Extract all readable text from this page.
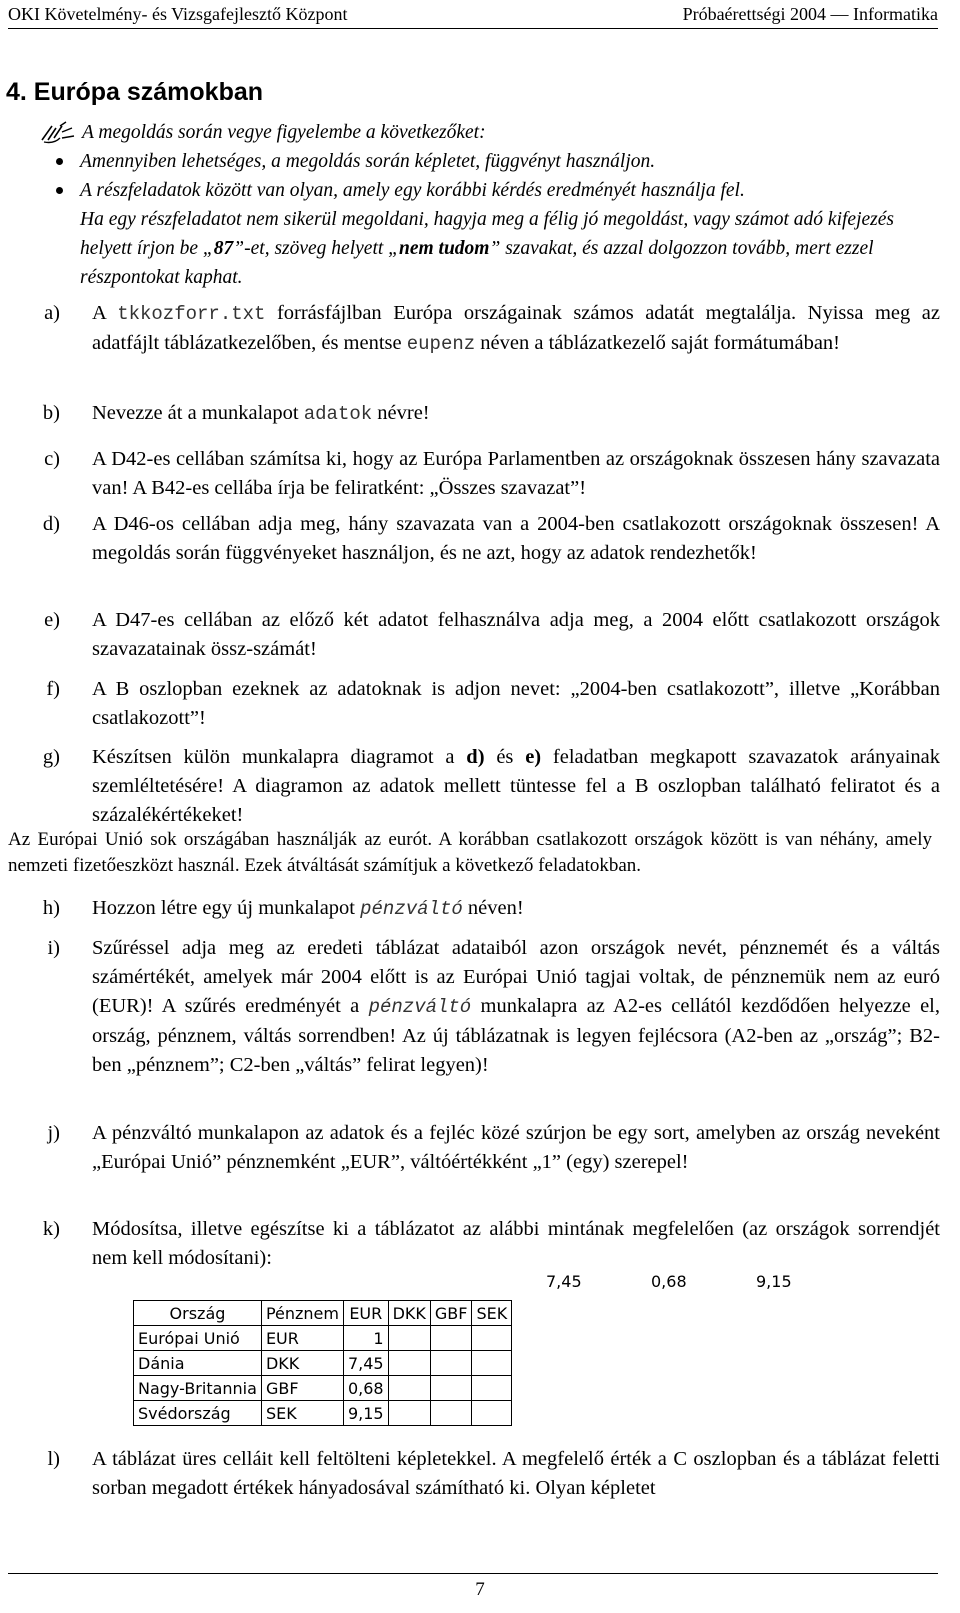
OKI Követelmény- és Vizsgafejlesztő Központ	Próbaérettségi 2004 — Informatika
4. Európa számokban
A megoldás során vegye figyelembe a következőket:
Amennyiben lehetséges, a megoldás során képletet, függvényt használjon.
A részfeladatok között van olyan, amely egy korábbi kérdés eredményét használja fel.
Ha egy részfeladatot nem sikerül megoldani, hagyja meg a félig jó megoldást, vagy számot adó kifejezés helyett írjon be „87”-et, szöveg helyett „nem tudom” szavakat, és azzal dolgozzon tovább, mert ezzel részpontokat kaphat.
a) A tkkozforr.txt forrásfájlban Európa országainak számos adatát megtalálja. Nyissa meg az adatfájlt táblázatkezelőben, és mentse eupenz néven a táblázatkezelő saját formátumában!
b) Nevezze át a munkalapot adatok névre!
c) A D42-es cellában számítsa ki, hogy az Európa Parlamentben az országoknak összesen hány szavazata van! A B42-es cellába írja be feliratként: „Összes szavazat”!
d) A D46-os cellában adja meg, hány szavazata van a 2004-ben csatlakozott országoknak összesen! A megoldás során függvényeket használjon, és ne azt, hogy az adatok rendezhetők!
e) A D47-es cellában az előző két adatot felhasználva adja meg, a 2004 előtt csatlakozott országok szavazatainak össz-számát!
f) A B oszlopban ezeknek az adatoknak is adjon nevet: „2004-ben csatlakozott”, illetve „Korábban csatlakozott”!
g) Készítsen külön munkalapra diagramot a d) és e) feladatban megkapott szavazatok arányainak szemléltetésére! A diagramon az adatok mellett tüntesse fel a B oszlopban található feliratot és a százalékértékeket!
Az Európai Unió sok országában használják az eurót. A korábban csatlakozott országok között is van néhány, amely nemzeti fizetőeszközt használ. Ezek átváltását számítjuk a következő feladatokban.
h) Hozzon létre egy új munkalapot pénzváltó néven!
i) Szűréssel adja meg az eredeti táblázat adataiból azon országok nevét, pénznemét és a váltás számértékét, amelyek már 2004 előtt is az Európai Unió tagjai voltak, de pénznemük nem az euró (EUR)! A szűrés eredményét a pénzváltó munkalapra az A2-es cellától kezdődően helyezze el, ország, pénznem, váltás sorrendben! Az új táblázatnak is legyen fejlécsora (A2-ben az „ország”; B2-ben „pénznem”; C2-ben „váltás” felirat legyen)!
j) A pénzváltó munkalapon az adatok és a fejléc közé szúrjon be egy sort, amelyben az ország neveként „Európai Unió” pénznemként „EUR”, váltóértékként „1” (egy) szerepel!
k) Módosítsa, illetve egészítse ki a táblázatot az alábbi mintának megfelelően (az országok sorrendjét nem kell módosítani):
7,45	0,68	9,15
Ország	Pénznem	EUR	DKK	GBF	SEK
Európai Unió	EUR	1			
Dánia	DKK	7,45			
Nagy-Britannia	GBF	0,68			
Svédország	SEK	9,15			
l) A táblázat üres celláit kell feltölteni képletekkel. A megfelelő érték a C oszlopban és a táblázat feletti sorban megadott értékek hányadosával számítható ki. Olyan képletet
7
